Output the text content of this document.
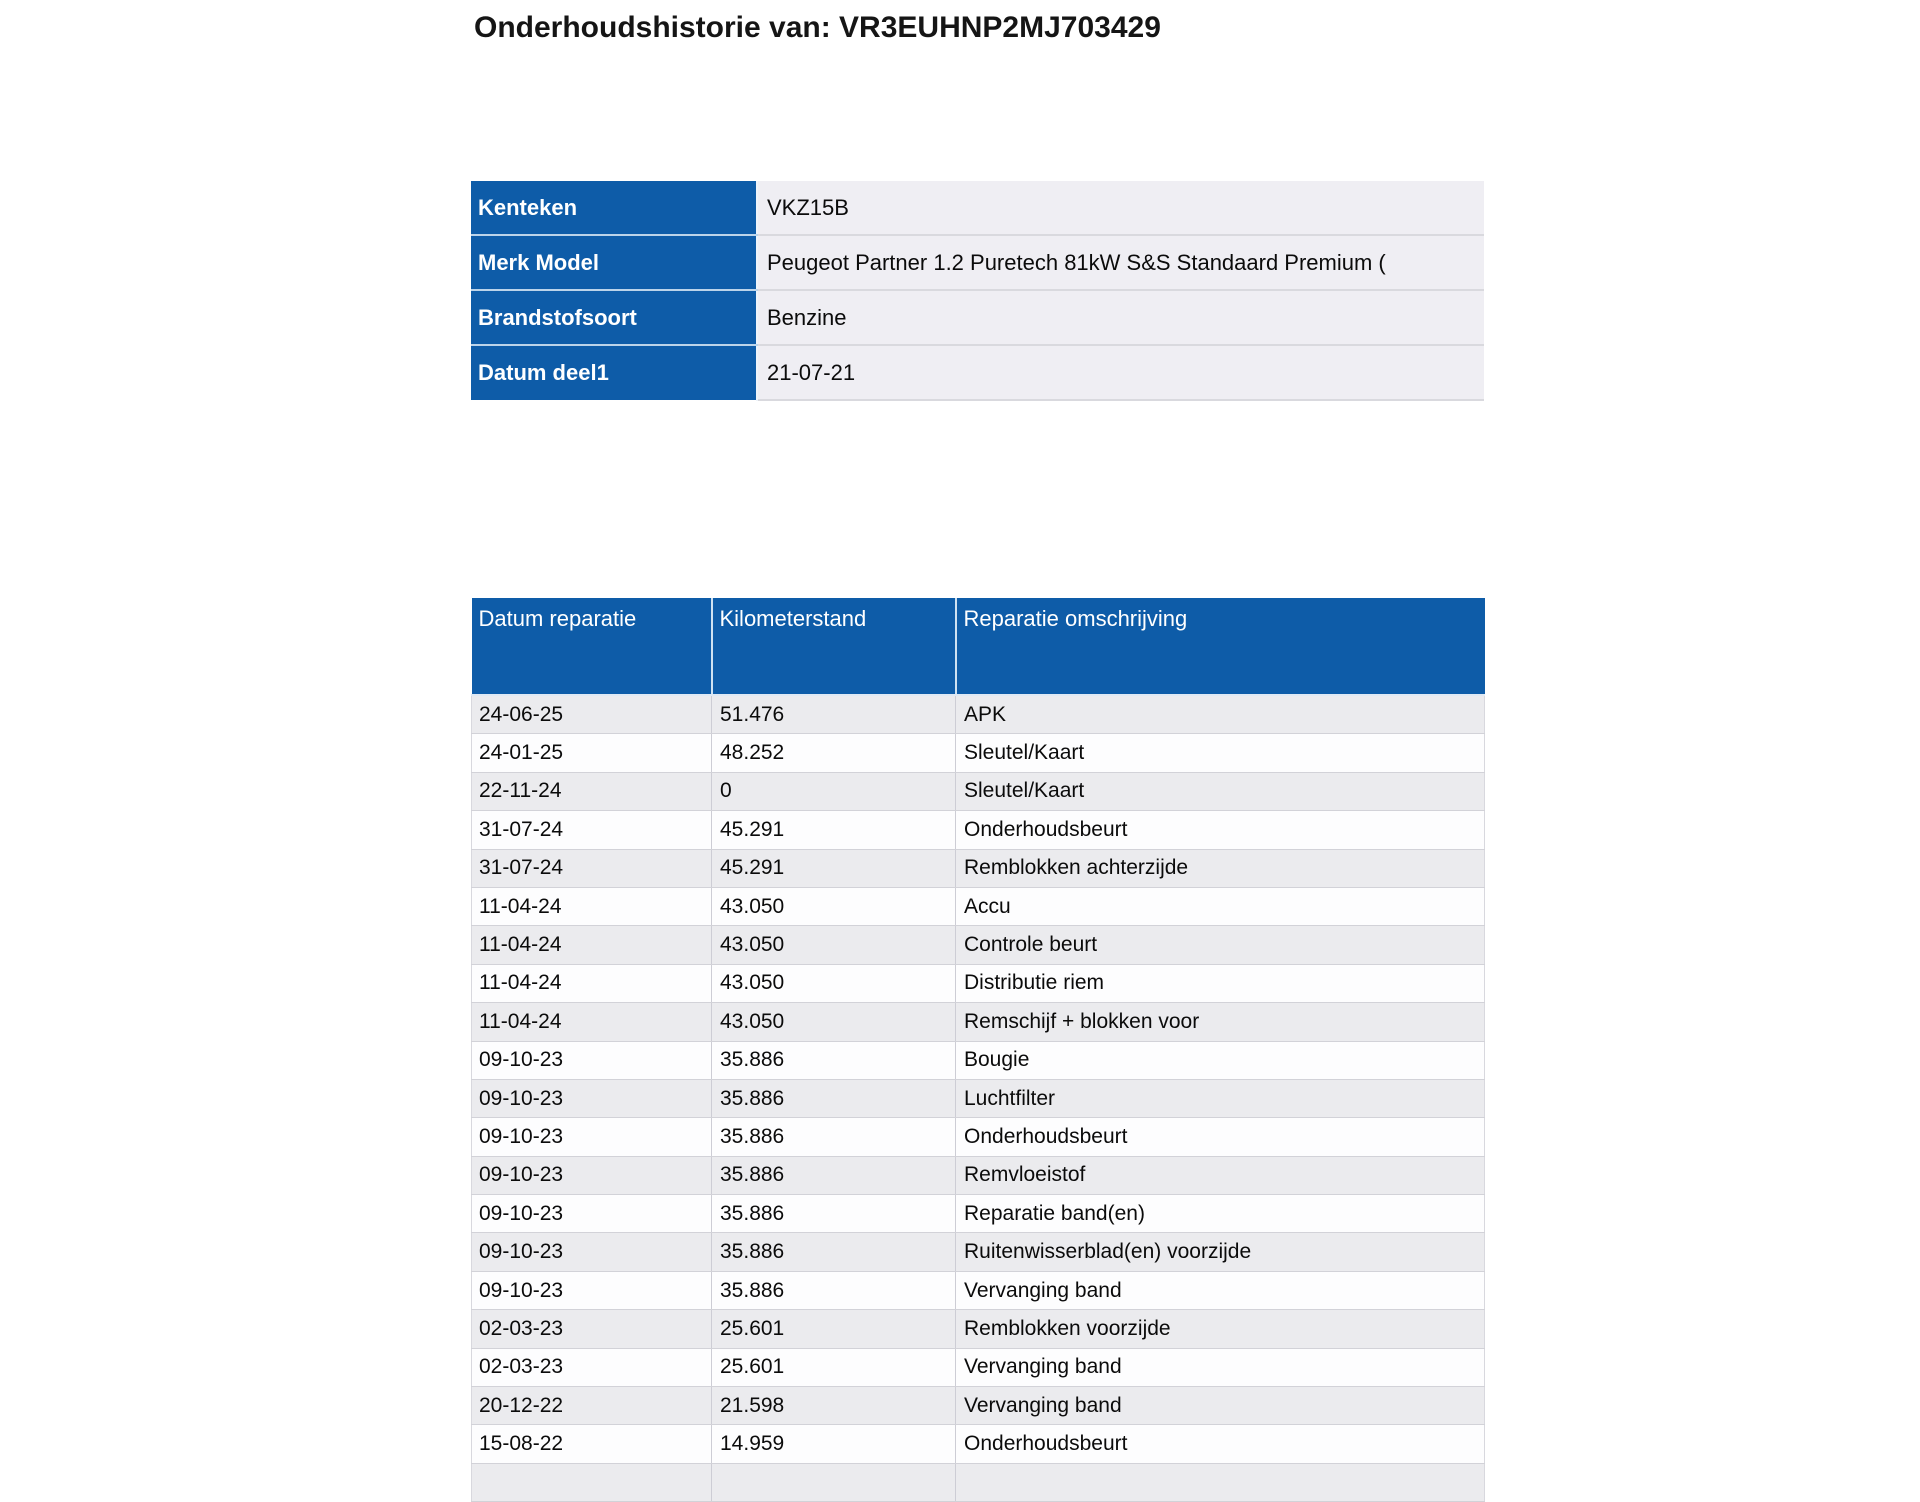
Onderhoudshistorie van: VR3EUHNP2MJ703429
Kenteken	VKZ15B
Merk Model	Peugeot Partner 1.2 Puretech 81kW S&S Standaard Premium (
Brandstofsoort	Benzine
Datum deel1	21-07-21
Datum reparatie	Kilometerstand	Reparatie omschrijving
24-06-25	51.476	APK
24-01-25	48.252	Sleutel/Kaart
22-11-24	0	Sleutel/Kaart
31-07-24	45.291	Onderhoudsbeurt
31-07-24	45.291	Remblokken achterzijde
11-04-24	43.050	Accu
11-04-24	43.050	Controle beurt
11-04-24	43.050	Distributie riem
11-04-24	43.050	Remschijf + blokken voor
09-10-23	35.886	Bougie
09-10-23	35.886	Luchtfilter
09-10-23	35.886	Onderhoudsbeurt
09-10-23	35.886	Remvloeistof
09-10-23	35.886	Reparatie band(en)
09-10-23	35.886	Ruitenwisserblad(en) voorzijde
09-10-23	35.886	Vervanging band
02-03-23	25.601	Remblokken voorzijde
02-03-23	25.601	Vervanging band
20-12-22	21.598	Vervanging band
15-08-22	14.959	Onderhoudsbeurt
